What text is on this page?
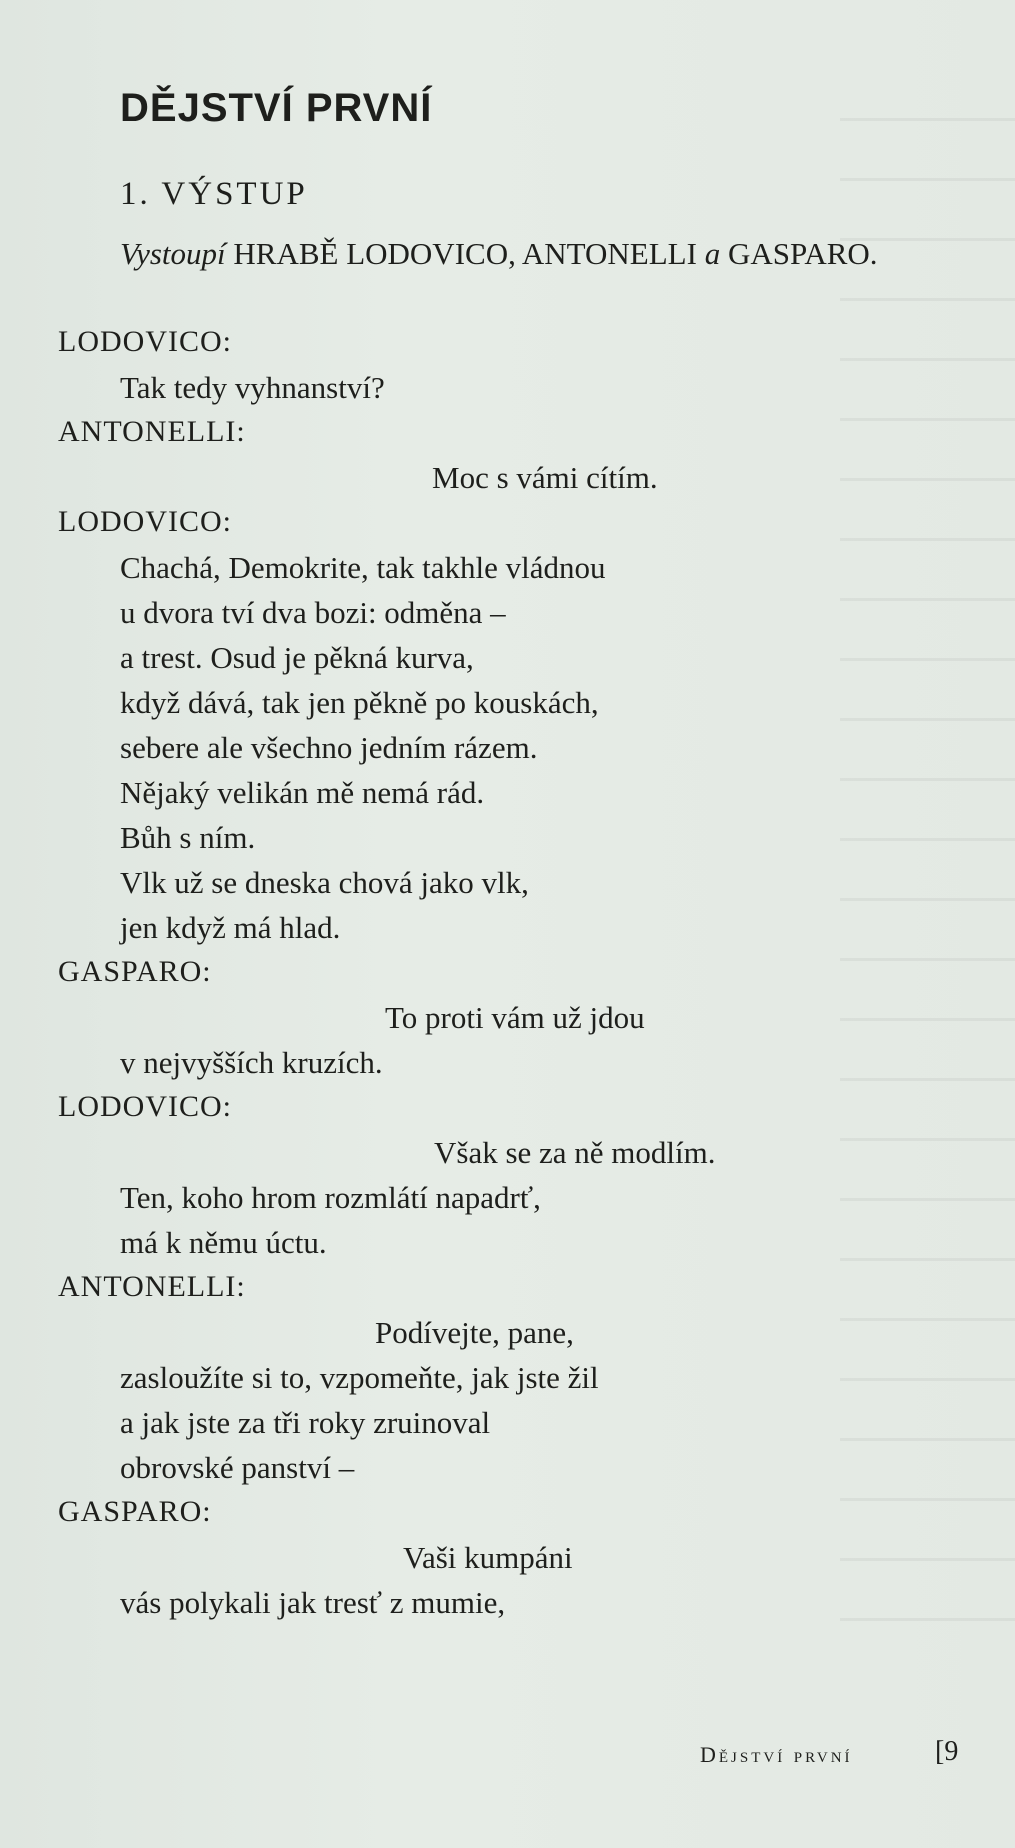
DĚJSTVÍ PRVNÍ
1. VÝSTUP
Vystoupí HRABĚ LODOVICO, ANTONELLI a GASPARO.
LODOVICO:
Tak tedy vyhnanství?
ANTONELLI:
Moc s vámi cítím.
LODOVICO:
Chachá, Demokrite, tak takhle vládnou
u dvora tví dva bozi: odměna –
a trest. Osud je pěkná kurva,
když dává, tak jen pěkně po kouskách,
sebere ale všechno jedním rázem.
Nějaký velikán mě nemá rád.
Bůh s ním.
Vlk už se dneska chová jako vlk,
jen když má hlad.
GASPARO:
To proti vám už jdou
v nejvyšších kruzích.
LODOVICO:
Však se za ně modlím.
Ten, koho hrom rozmlátí napadrť,
má k němu úctu.
ANTONELLI:
Podívejte, pane,
zasloužíte si to, vzpomeňte, jak jste žil
a jak jste za tři roky zruinoval
obrovské panství –
GASPARO:
Vaši kumpáni
vás polykali jak tresť z mumie,
Dějství první	[9
